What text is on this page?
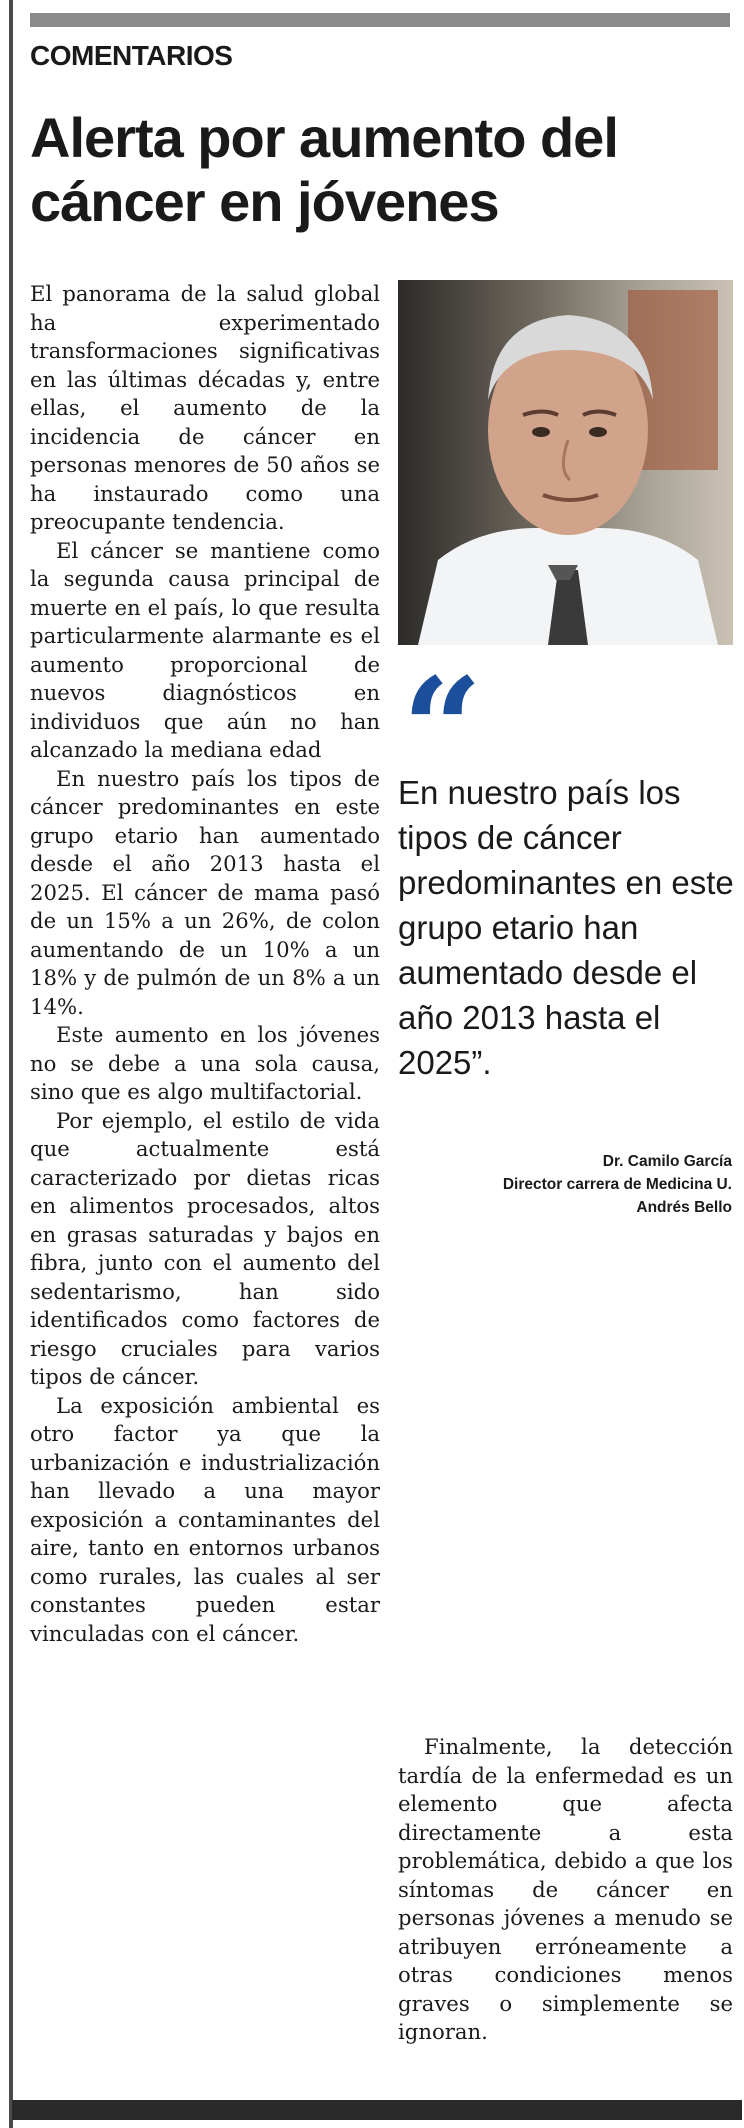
COMENTARIOS
Alerta por aumento del cáncer en jóvenes

El panorama de la salud global ha experimentado transformaciones significativas en las últimas décadas y, entre ellas, el aumento de la incidencia de cáncer en personas menores de 50 años se ha instaurado como una preocupante tendencia.

El cáncer se mantiene como la segunda causa principal de muerte en el país, lo que resulta particularmente alarmante es el aumento proporcional de nuevos diagnósticos en individuos que aún no han alcanzado la mediana edad

En nuestro país los tipos de cáncer predominantes en este grupo etario han aumentado desde el año 2013 hasta el 2025. El cáncer de mama pasó de un 15% a un 26%, de colon aumentando de un 10% a un 18% y de pulmón de un 8% a un 14%.

Este aumento en los jóvenes no se debe a una sola causa, sino que es algo multifactorial.

Por ejemplo, el estilo de vida que actualmente está caracterizado por dietas ricas en alimentos procesados, altos en grasas saturadas y bajos en fibra, junto con el aumento del sedentarismo, han sido identificados como factores de riesgo cruciales para varios tipos de cáncer.

La exposición ambiental es otro factor ya que la urbanización e industrialización han llevado a una mayor exposición a contaminantes del aire, tanto en entornos urbanos como rurales, las cuales al ser constantes pueden estar vinculadas con el cáncer.

“
En nuestro país los tipos de cáncer predominantes en este grupo etario han aumentado desde el año 2013 hasta el 2025”.
Dr. Camilo García
Director carrera de Medicina U.
Andrés Bello

Finalmente, la detección tardía de la enfermedad es un elemento que afecta directamente a esta problemática, debido a que los síntomas de cáncer en personas jóvenes a menudo se atribuyen erróneamente a otras condiciones menos graves o simplemente se ignoran.
